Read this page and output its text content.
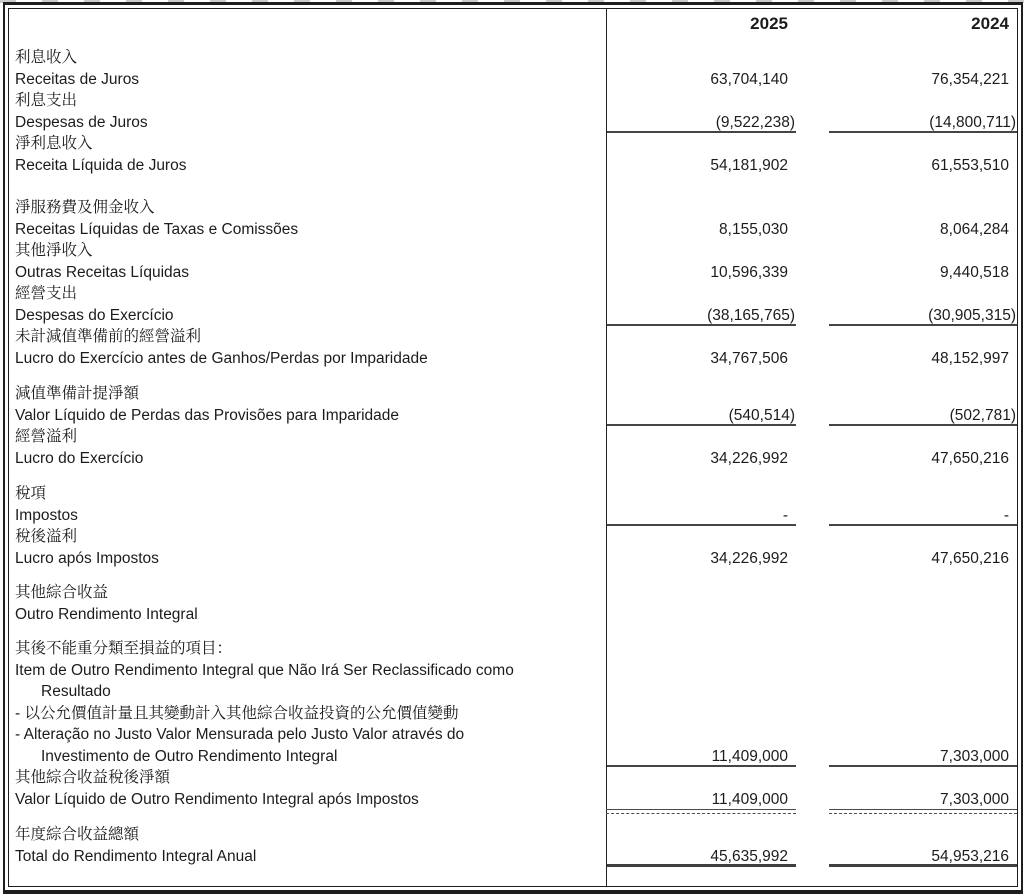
2025	2024
利息收入
Receitas de Juros	63,704,140	76,354,221
利息支出
Despesas de Juros	(9,522,238)	(14,800,711)
淨利息收入
Receita Líquida de Juros	54,181,902	61,553,510
淨服務費及佣金收入
Receitas Líquidas de Taxas e Comissões	8,155,030	8,064,284
其他淨收入
Outras Receitas Líquidas	10,596,339	9,440,518
經營支出
Despesas do Exercício	(38,165,765)	(30,905,315)
未計減值準備前的經營溢利
Lucro do Exercício antes de Ganhos/Perdas por Imparidade	34,767,506	48,152,997
減值準備計提淨額
Valor Líquido de Perdas das Provisões para Imparidade	(540,514)	(502,781)
經營溢利
Lucro do Exercício	34,226,992	47,650,216
稅項
Impostos	-	-
稅後溢利
Lucro após Impostos	34,226,992	47,650,216
其他綜合收益
Outro Rendimento Integral
其後不能重分類至損益的項目：
Item de Outro Rendimento Integral que Não Irá Ser Reclassificado como
Resultado
- 以公允價值計量且其變動計入其他綜合收益投資的公允價值變動
- Alteração no Justo Valor Mensurada pelo Justo Valor através do
Investimento de Outro Rendimento Integral	11,409,000	7,303,000
其他綜合收益稅後淨額
Valor Líquido de Outro Rendimento Integral após Impostos	11,409,000	7,303,000
年度綜合收益總額
Total do Rendimento Integral Anual	45,635,992	54,953,216
